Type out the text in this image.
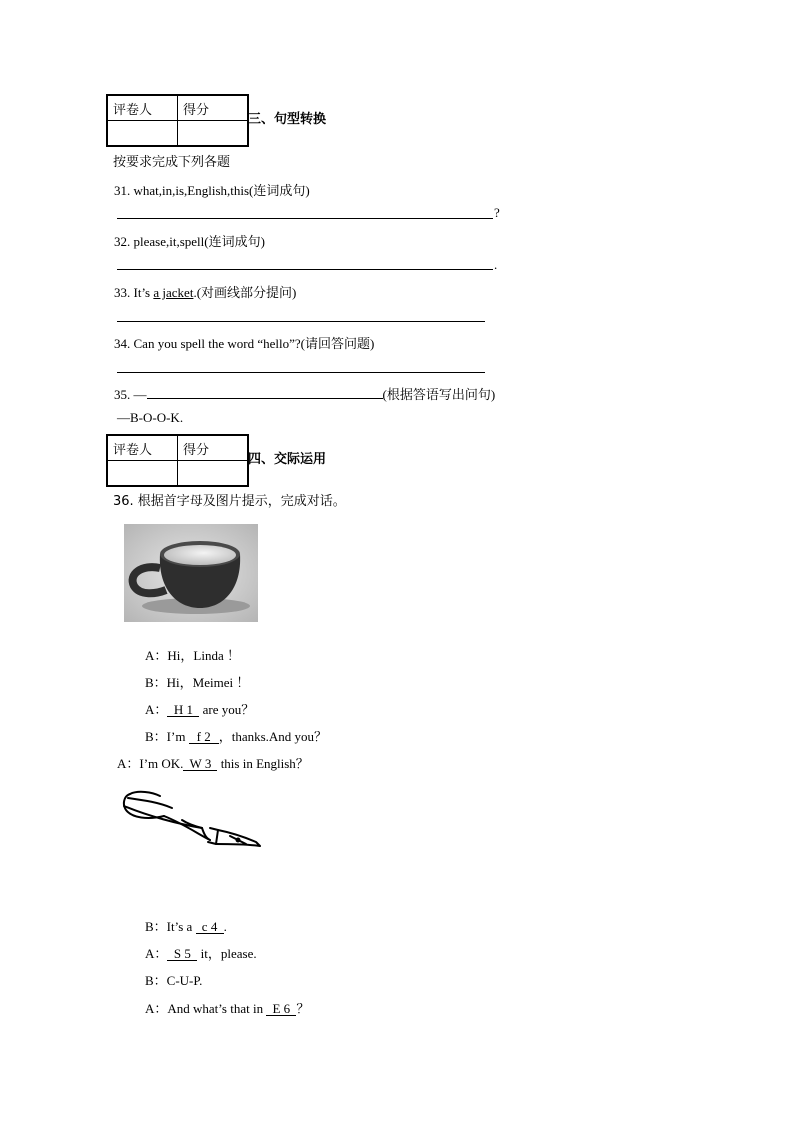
评卷人	得分

三、句型转换
按要求完成下列各题
31. what,in,is,English,this(连词成句)
?
32. please,it,spell(连词成句)
.
33. It’s a jacket.(对画线部分提问)
34. Can you spell the word “hello”?(请回答问题)
35. —	(根据答语写出问句)
—B-O-O-K.
评卷人	得分

四、交际运用
36. 根据首字母及图片提示，完成对话。
A：Hi，Linda ！
B：Hi，Meimei ！
A： H 1 are you？
B：I’m f 2，thanks.And you？
A：I’m OK. W 3 this in English？
B：It’s a c 4.
A： S 5 it，please.
B：C-U-P.
A：And what’s that in E 6？
